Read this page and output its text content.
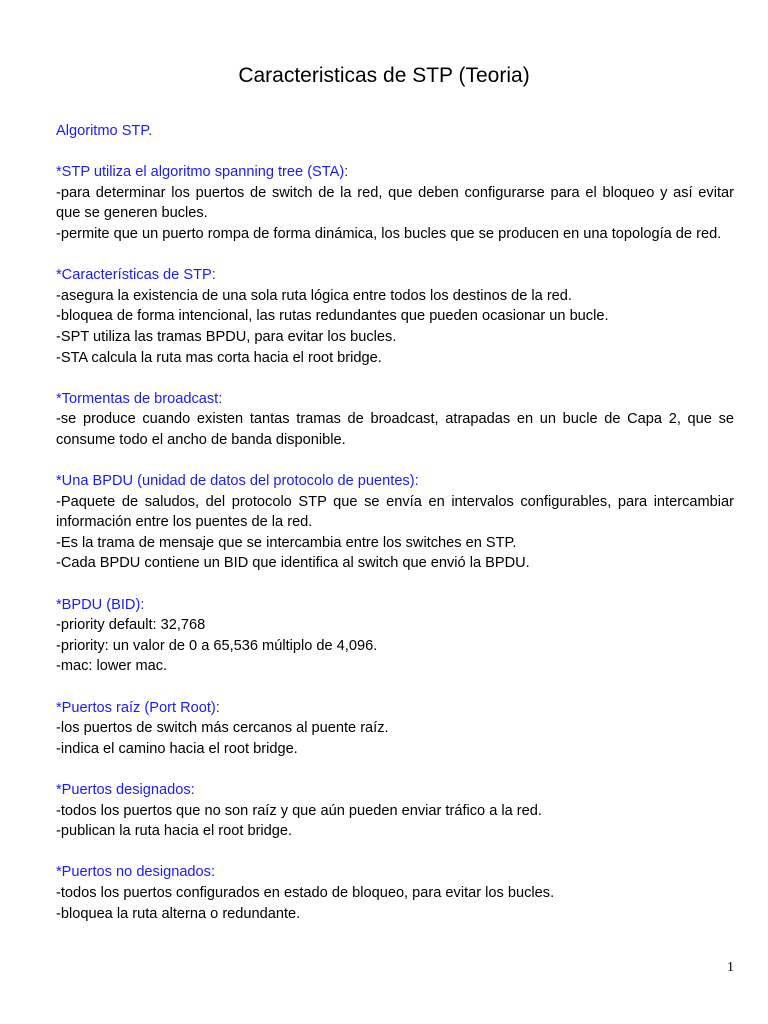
Caracteristicas de STP (Teoria)
Algoritmo STP.
*STP utiliza el algoritmo spanning tree (STA):
-para determinar los puertos de switch de la red, que deben configurarse para el bloqueo y así evitar que se generen bucles.
-permite que un puerto rompa de forma dinámica, los bucles que se producen en una topología de red.
*Características de STP:
-asegura la existencia de una sola ruta lógica entre todos los destinos de la red.
-bloquea de forma intencional, las rutas redundantes que pueden ocasionar un bucle.
-SPT utiliza las tramas BPDU, para evitar los bucles.
-STA calcula la ruta mas corta hacia el root bridge.
*Tormentas de broadcast:
-se produce cuando existen tantas tramas de broadcast, atrapadas en un bucle de Capa 2, que se consume todo el ancho de banda disponible.
*Una BPDU (unidad de datos del protocolo de puentes):
-Paquete de saludos, del protocolo STP que se envía en intervalos configurables, para intercambiar información entre los puentes de la red.
-Es la trama de mensaje que se intercambia entre los switches en STP.
-Cada BPDU contiene un BID que identifica al switch que envió la BPDU.
*BPDU (BID):
-priority default: 32,768
-priority: un valor de 0 a 65,536 múltiplo de 4,096.
-mac: lower mac.
*Puertos raíz (Port Root):
-los puertos de switch más cercanos al puente raíz.
-indica el camino hacia el root bridge.
*Puertos designados:
-todos los puertos que no son raíz y que aún pueden enviar tráfico a la red.
-publican la ruta hacia el root bridge.
*Puertos no designados:
-todos los puertos configurados en estado de bloqueo, para evitar los bucles.
-bloquea la ruta alterna o redundante.
1
